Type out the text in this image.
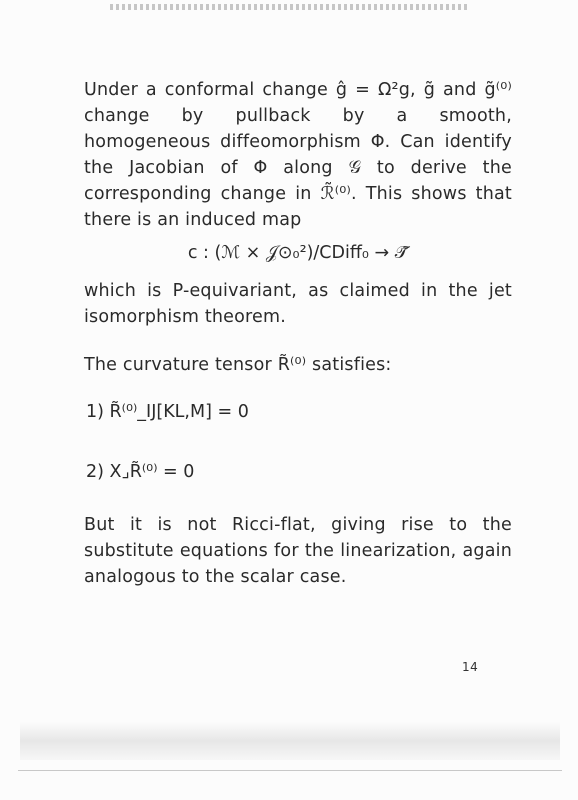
Under a conformal change ĝ = Ω²g, g̃ and g̃⁽⁰⁾ change by pullback by a smooth, homogeneous diffeomorphism Φ. Can identify the Jacobian of Φ along 𝒢 to derive the corresponding change in ℛ̃⁽⁰⁾. This shows that there is an induced map
c : (ℳ × 𝒥⊙₀²)/CDiff₀ → 𝒯̃
which is P-equivariant, as claimed in the jet isomorphism theorem.
The curvature tensor R̃⁽⁰⁾ satisfies:
1) R̃⁽⁰⁾_IJ[KL,M] = 0
2) X⌟R̃⁽⁰⁾ = 0
But it is not Ricci-flat, giving rise to the substitute equations for the linearization, again analogous to the scalar case.
14
